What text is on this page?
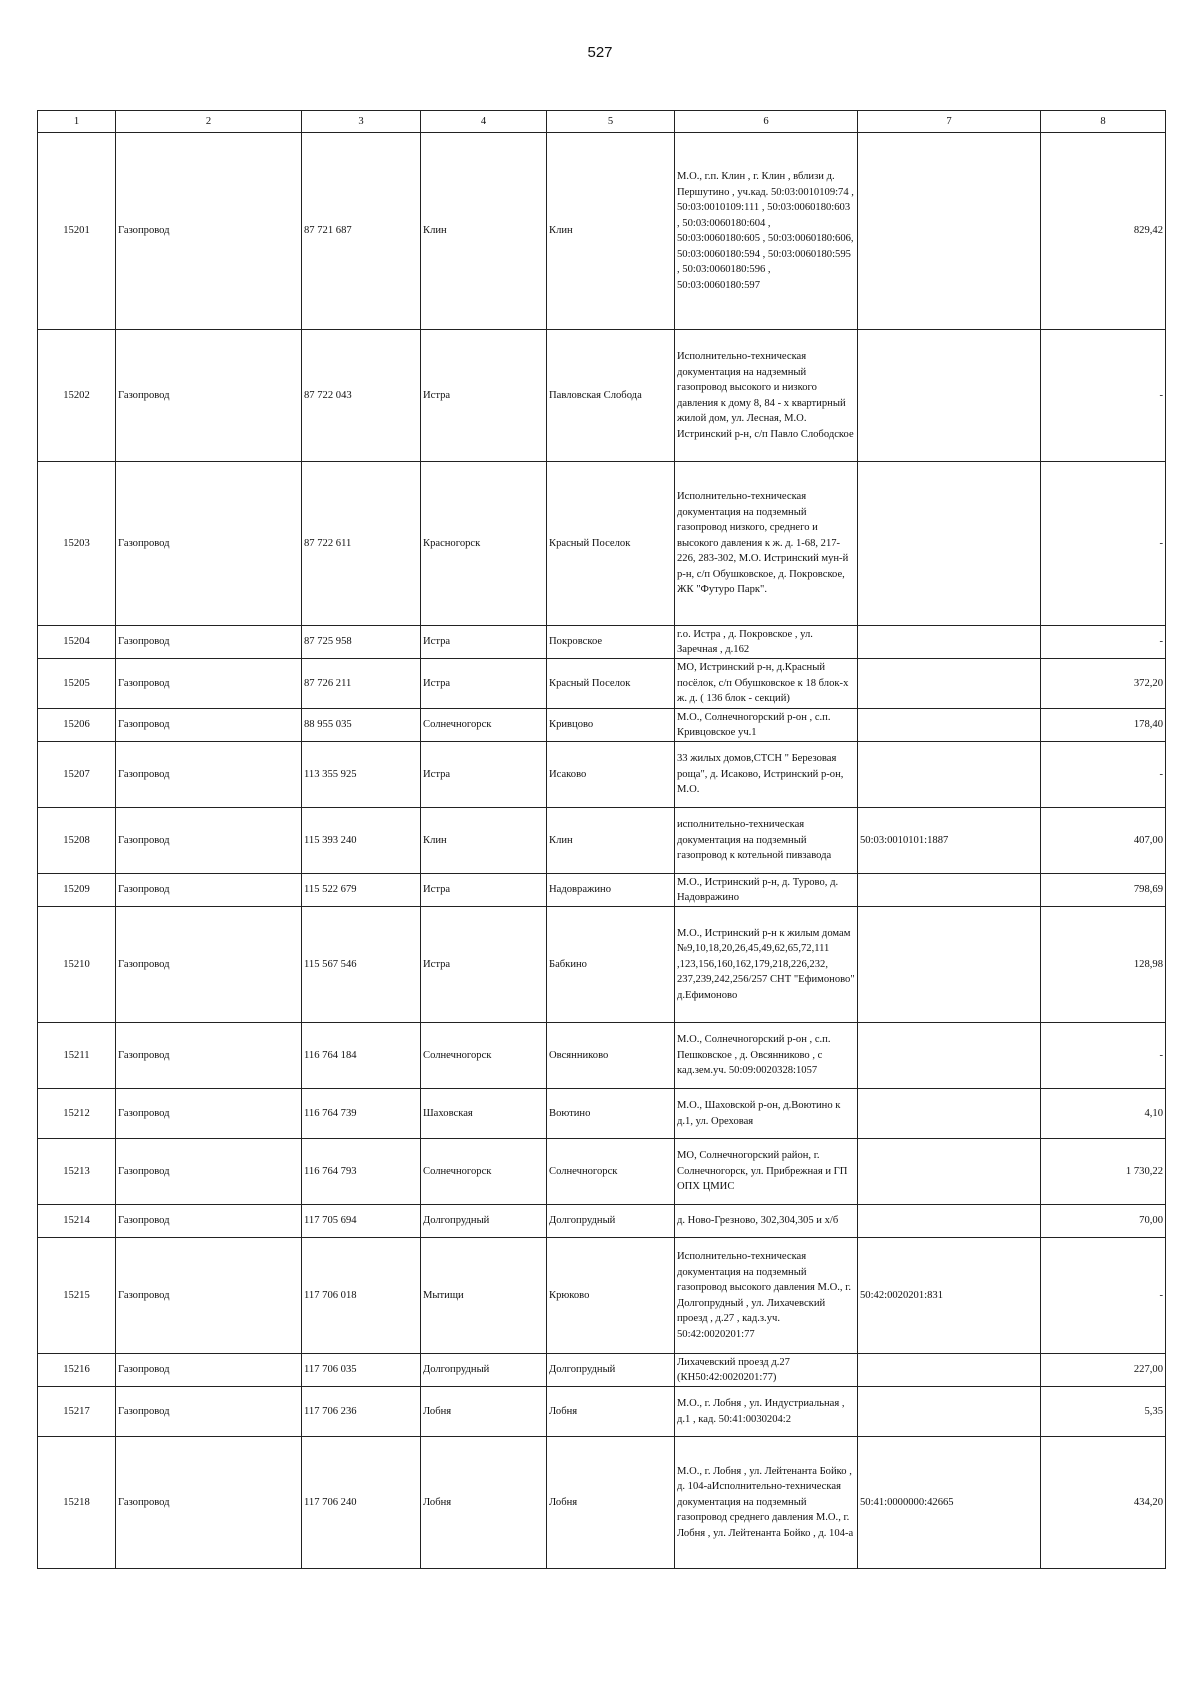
527
1	2	3	4	5	6	7	8
15201	Газопровод	87 721 687	Клин	Клин	М.О., г.п. Клин , г. Клин , вблизи д. Першутино , уч.кад. 50:03:0010109:74 , 50:03:0010109:111 , 50:03:0060180:603 , 50:03:0060180:604 , 50:03:0060180:605 , 50:03:0060180:606, 50:03:0060180:594 , 50:03:0060180:595 , 50:03:0060180:596 , 50:03:0060180:597		829,42
15202	Газопровод	87 722 043	Истра	Павловская Слобода	Исполнительно-техническая документация на надземный газопровод высокого и низкого давления к дому 8, 84 - х квартирный жилой дом, ул. Лесная, М.О. Истринский р-н, с/п Павло Слободское		-
15203	Газопровод	87 722 611	Красногорск	Красный Поселок	Исполнительно-техническая документация на подземный газопровод низкого, среднего и высокого давления к ж. д. 1-68, 217-226, 283-302, М.О. Истринский мун-й р-н, с/п Обушковское, д. Покровское, ЖК "Футуро Парк".		-
15204	Газопровод	87 725 958	Истра	Покровское	г.о. Истра , д. Покровское , ул. Заречная , д.162		-
15205	Газопровод	87 726 211	Истра	Красный Поселок	МО, Истринский р-н, д.Красный посёлок, с/п Обушковское к 18 блок-х ж. д. ( 136 блок - секций)		372,20
15206	Газопровод	88 955 035	Солнечногорск	Кривцово	М.О., Солнечногорский р-он , с.п. Кривцовское уч.1		178,40
15207	Газопровод	113 355 925	Истра	Исаково	33 жилых домов,СТСН " Березовая роща", д. Исаково, Истринский р-он, М.О.		-
15208	Газопровод	115 393 240	Клин	Клин	исполнительно-техническая документация на подземный газопровод к котельной пивзавода	50:03:0010101:1887	407,00
15209	Газопровод	115 522 679	Истра	Надовражино	М.О., Истринский р-н, д. Турово, д. Надовражино		798,69
15210	Газопровод	115 567 546	Истра	Бабкино	М.О., Истринский р-н к жилым домам №9,10,18,20,26,45,49,62,65,72,111 ,123,156,160,162,179,218,226,232, 237,239,242,256/257 СНТ "Ефимоново" д.Ефимоново		128,98
15211	Газопровод	116 764 184	Солнечногорск	Овсянниково	М.О., Солнечногорский р-он , с.п. Пешковское , д. Овсянниково , с кад.зем.уч. 50:09:0020328:1057		-
15212	Газопровод	116 764 739	Шаховская	Воютино	М.О., Шаховской р-он, д.Воютино к д.1, ул. Ореховая		4,10
15213	Газопровод	116 764 793	Солнечногорск	Солнечногорск	МО, Солнечногорский район, г. Солнечногорск, ул. Прибрежная и ГП ОПХ ЦМИС		1 730,22
15214	Газопровод	117 705 694	Долгопрудный	Долгопрудный	д. Ново-Грезново, 302,304,305 и х/б		70,00
15215	Газопровод	117 706 018	Мытищи	Крюково	Исполнительно-техническая документация на подземный газопровод высокого давления М.О., г. Долгопрудный , ул. Лихачевский проезд , д.27 , кад.з.уч. 50:42:0020201:77	50:42:0020201:831	-
15216	Газопровод	117 706 035	Долгопрудный	Долгопрудный	Лихачевский проезд д.27 (КН50:42:0020201:77)		227,00
15217	Газопровод	117 706 236	Лобня	Лобня	М.О., г. Лобня , ул. Индустриальная , д.1 , кад. 50:41:0030204:2		5,35
15218	Газопровод	117 706 240	Лобня	Лобня	М.О., г. Лобня , ул. Лейтенанта Бойко , д. 104-аИсполнительно-техническая документация на подземный газопровод среднего давления М.О., г. Лобня , ул. Лейтенанта Бойко , д. 104-а	50:41:0000000:42665	434,20
